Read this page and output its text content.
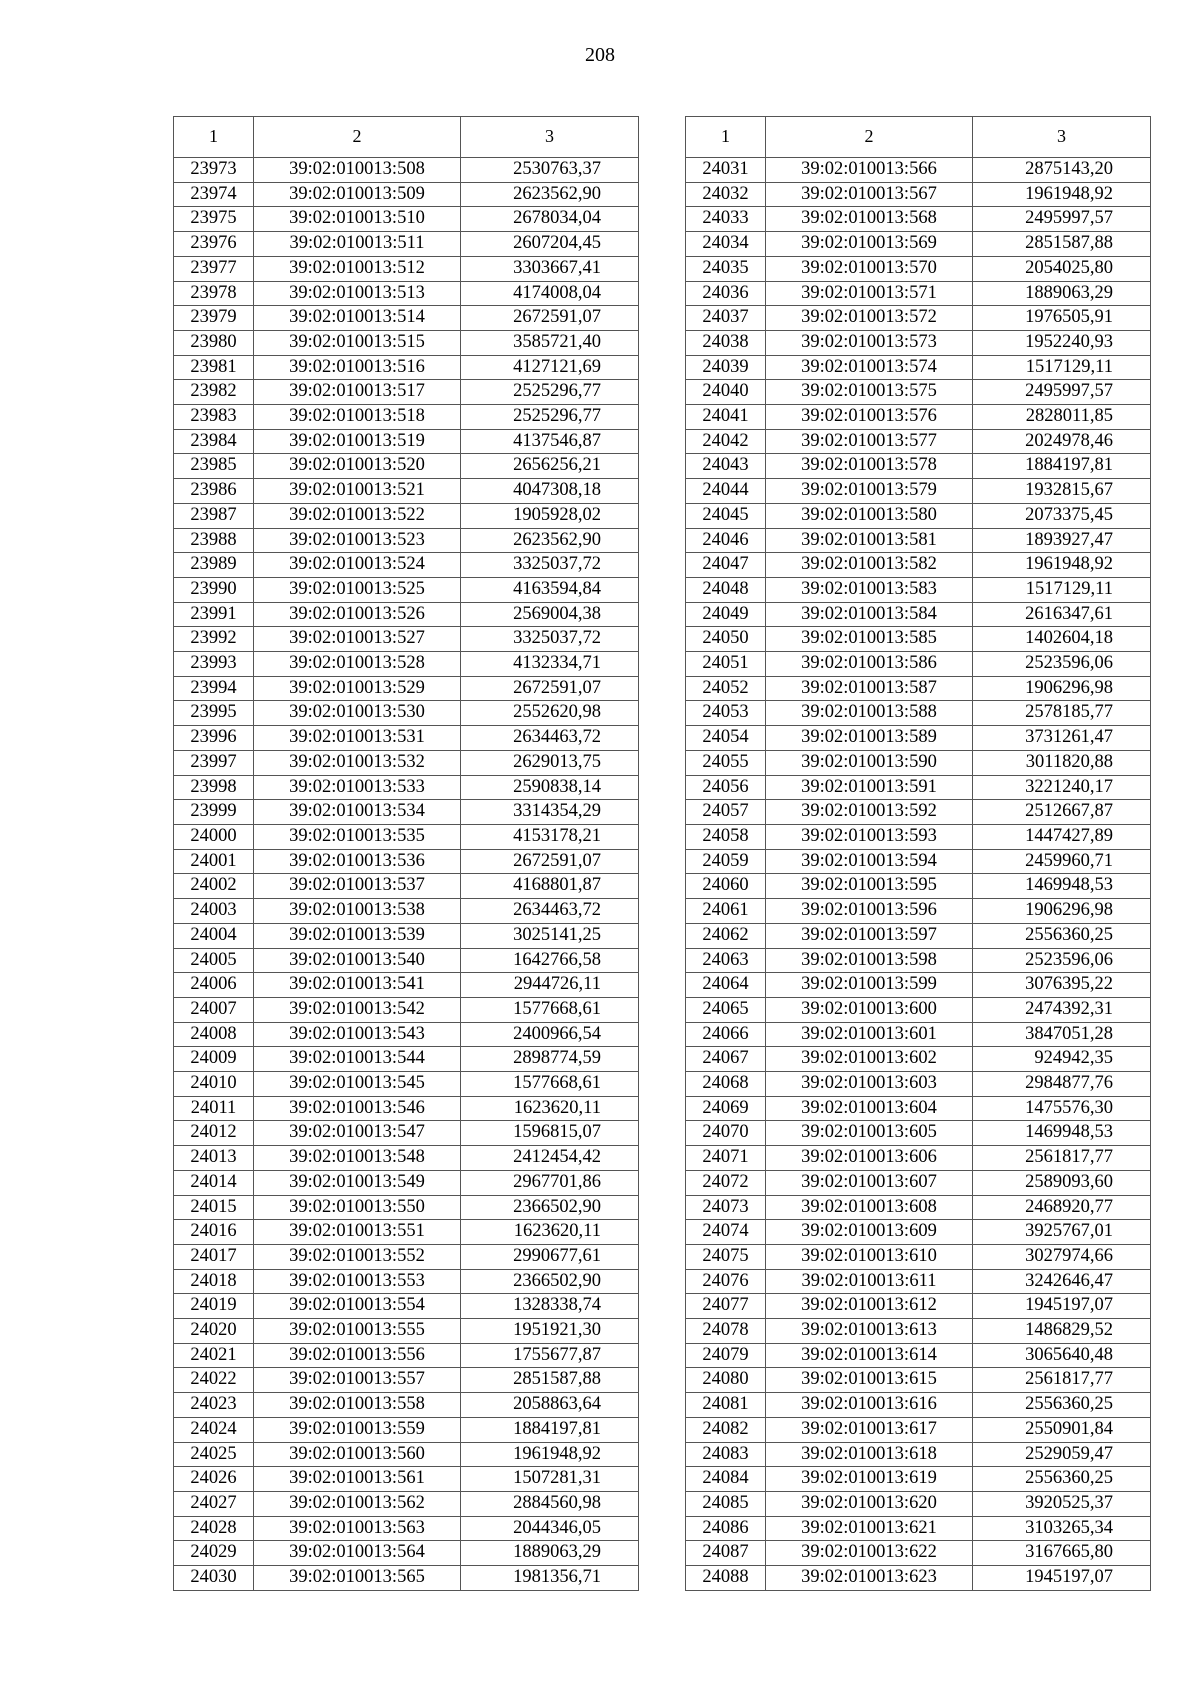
208
1	2	3
23973	39:02:010013:508	2530763,37
23974	39:02:010013:509	2623562,90
23975	39:02:010013:510	2678034,04
23976	39:02:010013:511	2607204,45
23977	39:02:010013:512	3303667,41
23978	39:02:010013:513	4174008,04
23979	39:02:010013:514	2672591,07
23980	39:02:010013:515	3585721,40
23981	39:02:010013:516	4127121,69
23982	39:02:010013:517	2525296,77
23983	39:02:010013:518	2525296,77
23984	39:02:010013:519	4137546,87
23985	39:02:010013:520	2656256,21
23986	39:02:010013:521	4047308,18
23987	39:02:010013:522	1905928,02
23988	39:02:010013:523	2623562,90
23989	39:02:010013:524	3325037,72
23990	39:02:010013:525	4163594,84
23991	39:02:010013:526	2569004,38
23992	39:02:010013:527	3325037,72
23993	39:02:010013:528	4132334,71
23994	39:02:010013:529	2672591,07
23995	39:02:010013:530	2552620,98
23996	39:02:010013:531	2634463,72
23997	39:02:010013:532	2629013,75
23998	39:02:010013:533	2590838,14
23999	39:02:010013:534	3314354,29
24000	39:02:010013:535	4153178,21
24001	39:02:010013:536	2672591,07
24002	39:02:010013:537	4168801,87
24003	39:02:010013:538	2634463,72
24004	39:02:010013:539	3025141,25
24005	39:02:010013:540	1642766,58
24006	39:02:010013:541	2944726,11
24007	39:02:010013:542	1577668,61
24008	39:02:010013:543	2400966,54
24009	39:02:010013:544	2898774,59
24010	39:02:010013:545	1577668,61
24011	39:02:010013:546	1623620,11
24012	39:02:010013:547	1596815,07
24013	39:02:010013:548	2412454,42
24014	39:02:010013:549	2967701,86
24015	39:02:010013:550	2366502,90
24016	39:02:010013:551	1623620,11
24017	39:02:010013:552	2990677,61
24018	39:02:010013:553	2366502,90
24019	39:02:010013:554	1328338,74
24020	39:02:010013:555	1951921,30
24021	39:02:010013:556	1755677,87
24022	39:02:010013:557	2851587,88
24023	39:02:010013:558	2058863,64
24024	39:02:010013:559	1884197,81
24025	39:02:010013:560	1961948,92
24026	39:02:010013:561	1507281,31
24027	39:02:010013:562	2884560,98
24028	39:02:010013:563	2044346,05
24029	39:02:010013:564	1889063,29
24030	39:02:010013:565	1981356,71
1	2	3
24031	39:02:010013:566	2875143,20
24032	39:02:010013:567	1961948,92
24033	39:02:010013:568	2495997,57
24034	39:02:010013:569	2851587,88
24035	39:02:010013:570	2054025,80
24036	39:02:010013:571	1889063,29
24037	39:02:010013:572	1976505,91
24038	39:02:010013:573	1952240,93
24039	39:02:010013:574	1517129,11
24040	39:02:010013:575	2495997,57
24041	39:02:010013:576	2828011,85
24042	39:02:010013:577	2024978,46
24043	39:02:010013:578	1884197,81
24044	39:02:010013:579	1932815,67
24045	39:02:010013:580	2073375,45
24046	39:02:010013:581	1893927,47
24047	39:02:010013:582	1961948,92
24048	39:02:010013:583	1517129,11
24049	39:02:010013:584	2616347,61
24050	39:02:010013:585	1402604,18
24051	39:02:010013:586	2523596,06
24052	39:02:010013:587	1906296,98
24053	39:02:010013:588	2578185,77
24054	39:02:010013:589	3731261,47
24055	39:02:010013:590	3011820,88
24056	39:02:010013:591	3221240,17
24057	39:02:010013:592	2512667,87
24058	39:02:010013:593	1447427,89
24059	39:02:010013:594	2459960,71
24060	39:02:010013:595	1469948,53
24061	39:02:010013:596	1906296,98
24062	39:02:010013:597	2556360,25
24063	39:02:010013:598	2523596,06
24064	39:02:010013:599	3076395,22
24065	39:02:010013:600	2474392,31
24066	39:02:010013:601	3847051,28
24067	39:02:010013:602	924942,35
24068	39:02:010013:603	2984877,76
24069	39:02:010013:604	1475576,30
24070	39:02:010013:605	1469948,53
24071	39:02:010013:606	2561817,77
24072	39:02:010013:607	2589093,60
24073	39:02:010013:608	2468920,77
24074	39:02:010013:609	3925767,01
24075	39:02:010013:610	3027974,66
24076	39:02:010013:611	3242646,47
24077	39:02:010013:612	1945197,07
24078	39:02:010013:613	1486829,52
24079	39:02:010013:614	3065640,48
24080	39:02:010013:615	2561817,77
24081	39:02:010013:616	2556360,25
24082	39:02:010013:617	2550901,84
24083	39:02:010013:618	2529059,47
24084	39:02:010013:619	2556360,25
24085	39:02:010013:620	3920525,37
24086	39:02:010013:621	3103265,34
24087	39:02:010013:622	3167665,80
24088	39:02:010013:623	1945197,07
